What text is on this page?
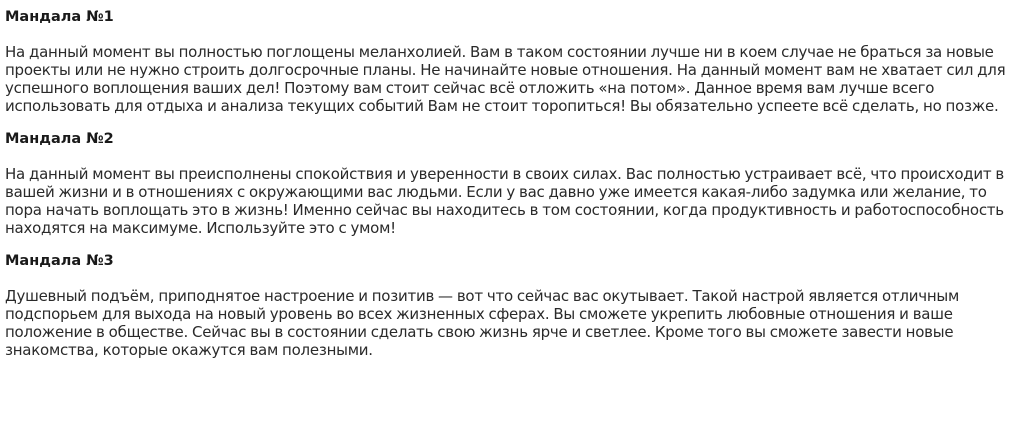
Мандала №1

На данный момент вы полностью поглощены меланхолией. Вам в таком состоянии лучше ни в коем случае не браться за новые проекты или не нужно строить долгосрочные планы. Не начинайте новые отношения. На данный момент вам не хватает сил для успешного воплощения ваших дел! Поэтому вам стоит сейчас всё отложить «на потом». Данное время вам лучше всего использовать для отдыха и анализа текущих событий Вам не стоит торопиться! Вы обязательно успеете всё сделать, но позже.

Мандала №2

На данный момент вы преисполнены спокойствия и уверенности в своих силах. Вас полностью устраивает всё, что происходит в вашей жизни и в отношениях с окружающими вас людьми. Если у вас давно уже имеется какая-либо задумка или желание, то пора начать воплощать это в жизнь! Именно сейчас вы находитесь в том состоянии, когда продуктивность и работоспособность находятся на максимуме. Используйте это с умом!

Мандала №3

Душевный подъём, приподнятое настроение и позитив — вот что сейчас вас окутывает. Такой настрой является отличным подспорьем для выхода на новый уровень во всех жизненных сферах. Вы сможете укрепить любовные отношения и ваше положение в обществе. Сейчас вы в состоянии сделать свою жизнь ярче и светлее. Кроме того вы сможете завести новые знакомства, которые окажутся вам полезными.
